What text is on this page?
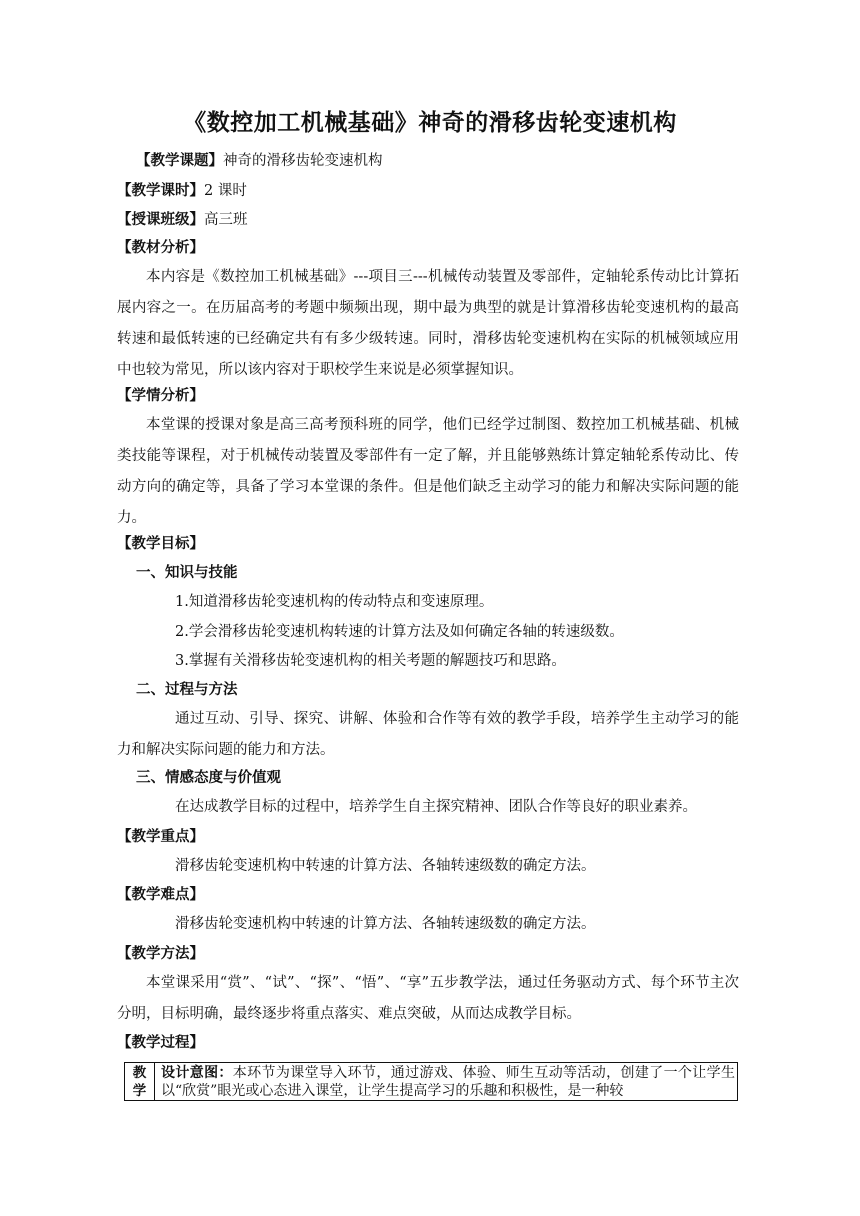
《数控加工机械基础》神奇的滑移齿轮变速机构
【教学课题】神奇的滑移齿轮变速机构
【教学课时】2 课时
【授课班级】高三班
【教材分析】
本内容是《数控加工机械基础》---项目三---机械传动装置及零部件，定轴轮系传动比计算拓展内容之一。在历届高考的考题中频频出现，期中最为典型的就是计算滑移齿轮变速机构的最高转速和最低转速的已经确定共有有多少级转速。同时，滑移齿轮变速机构在实际的机械领域应用中也较为常见，所以该内容对于职校学生来说是必须掌握知识。
【学情分析】
本堂课的授课对象是高三高考预科班的同学，他们已经学过制图、数控加工机械基础、机械类技能等课程，对于机械传动装置及零部件有一定了解，并且能够熟练计算定轴轮系传动比、传动方向的确定等，具备了学习本堂课的条件。但是他们缺乏主动学习的能力和解决实际问题的能力。
【教学目标】
一、知识与技能
1.知道滑移齿轮变速机构的传动特点和变速原理。
2.学会滑移齿轮变速机构转速的计算方法及如何确定各轴的转速级数。
3.掌握有关滑移齿轮变速机构的相关考题的解题技巧和思路。
二、过程与方法
通过互动、引导、探究、讲解、体验和合作等有效的教学手段，培养学生主动学习的能力和解决实际问题的能力和方法。
三、情感态度与价值观
在达成教学目标的过程中，培养学生自主探究精神、团队合作等良好的职业素养。
【教学重点】
滑移齿轮变速机构中转速的计算方法、各轴转速级数的确定方法。
【教学难点】
滑移齿轮变速机构中转速的计算方法、各轴转速级数的确定方法。
【教学方法】
本堂课采用“赏”、“试”、“探”、“悟”、“享”五步教学法，通过任务驱动方式、每个环节主次分明，目标明确，最终逐步将重点落实、难点突破，从而达成教学目标。
【教学过程】
教
学
设计意图：本环节为课堂导入环节，通过游戏、体验、师生互动等活动，创建了一个让学生以“欣赏”眼光或心态进入课堂，让学生提高学习的乐趣和积极性，是一种较
